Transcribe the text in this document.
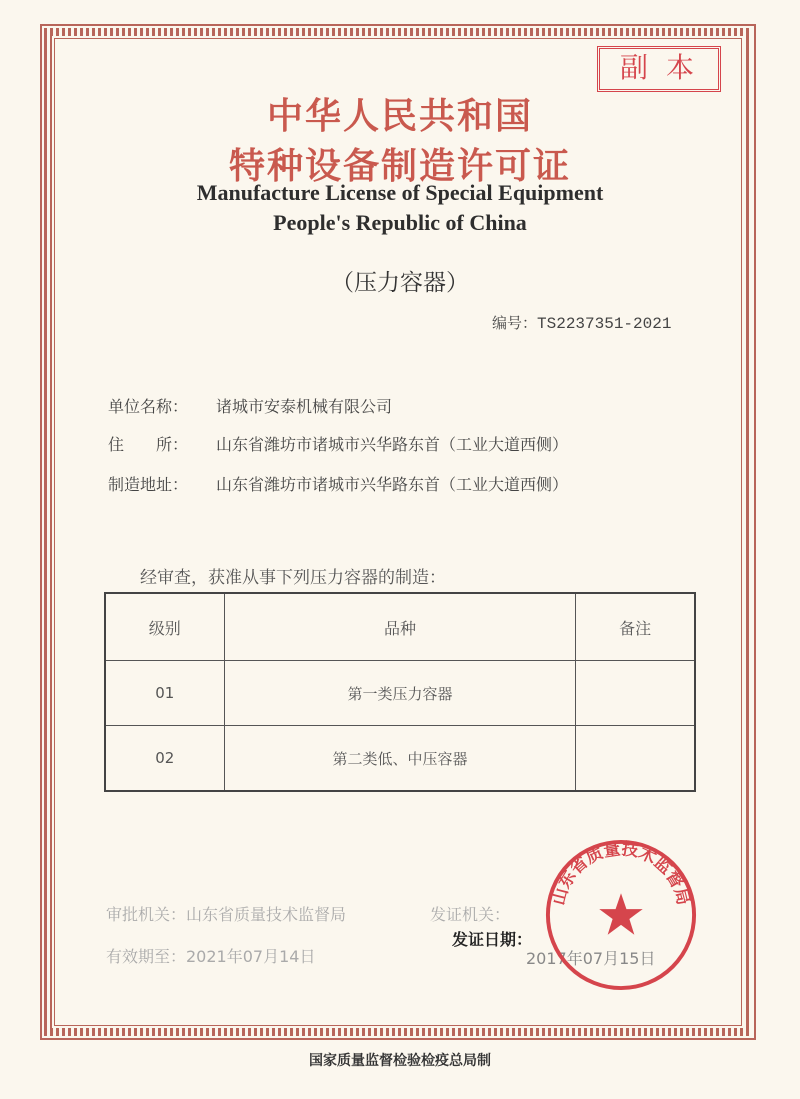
副本
中华人民共和国
特种设备制造许可证
Manufacture License of Special Equipment
People's Republic of China
（压力容器）
编号：TS2237351-2021
单位名称： 诸城市安泰机械有限公司
住　　所： 山东省潍坊市诸城市兴华路东首（工业大道西侧）
制造地址： 山东省潍坊市诸城市兴华路东首（工业大道西侧）
经审查，获准从事下列压力容器的制造：
级别	品种	备注
01	第一类压力容器	
02	第二类低、中压容器	
审批机关：山东省质量技术监督局	发证机关：
有效期至：2021年07月14日
发证日期：
2017年07月15日
山东省质量技术监督局
国家质量监督检验检疫总局制
